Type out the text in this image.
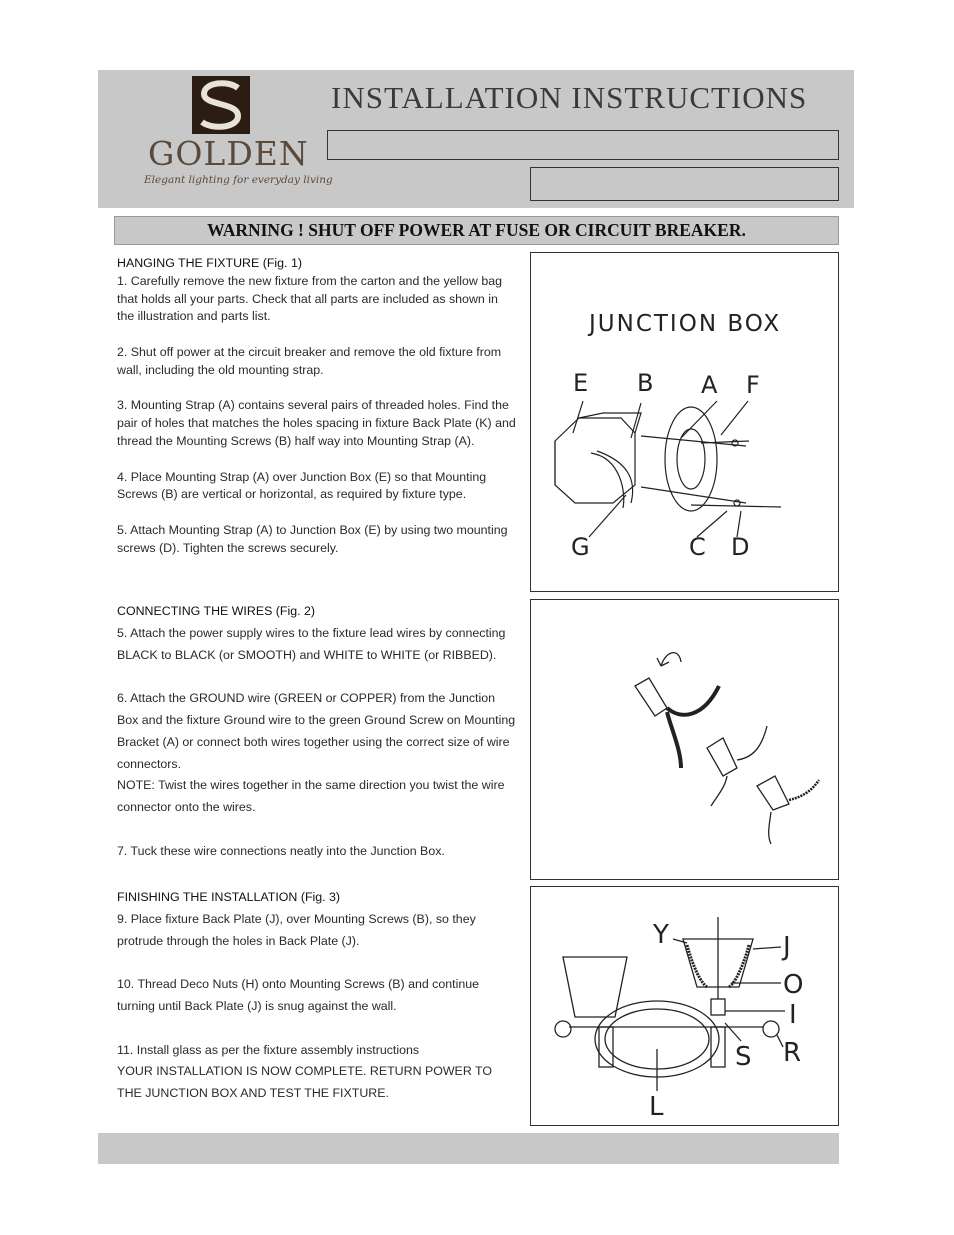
GOLDEN
Elegant lighting for everyday living
INSTALLATION INSTRUCTIONS
WARNING ! SHUT OFF POWER AT FUSE OR CIRCUIT BREAKER.

HANGING THE FIXTURE (Fig. 1)

1. Carefully remove the new fixture from the carton and the yellow bag that holds all your parts. Check that all parts are included as shown in the illustration and parts list.

2. Shut off power at the circuit breaker and remove the old fixture from wall, including the old mounting strap.

3. Mounting Strap (A) contains several pairs of threaded holes. Find the pair of holes that matches the holes spacing in fixture Back Plate (K) and thread the Mounting Screws (B) half way into Mounting Strap (A).

4. Place Mounting Strap (A) over Junction Box (E) so that Mounting Screws (B) are vertical or horizontal, as required by fixture type.

5. Attach Mounting Strap (A) to Junction Box (E) by using two mounting screws (D). Tighten the screws securely.

CONNECTING THE WIRES (Fig. 2)

5. Attach the power supply wires to the fixture lead wires by connecting BLACK to BLACK (or SMOOTH) and WHITE to WHITE (or RIBBED).

6. Attach the GROUND wire (GREEN or COPPER) from the Junction Box and the fixture Ground wire to the green Ground Screw on Mounting Bracket (A) or connect both wires together using the correct size of wire connectors.

NOTE: Twist the wires together in the same direction you twist the wire connector onto the wires.

7. Tuck these wire connections neatly into the Junction Box.

FINISHING THE INSTALLATION (Fig. 3)

9. Place fixture Back Plate (J), over Mounting Screws (B), so they protrude through the holes in Back Plate (J).

10. Thread Deco Nuts (H) onto Mounting Screws (B) and continue turning until Back Plate (J) is snug against the wall.

11. Install glass as per the fixture assembly instructions

YOUR INSTALLATION IS NOW COMPLETE. RETURN POWER TO THE JUNCTION BOX AND TEST THE FIXTURE.

JUNCTION BOX
E B A F
G	C D
Y	J
O
I
S R
L
